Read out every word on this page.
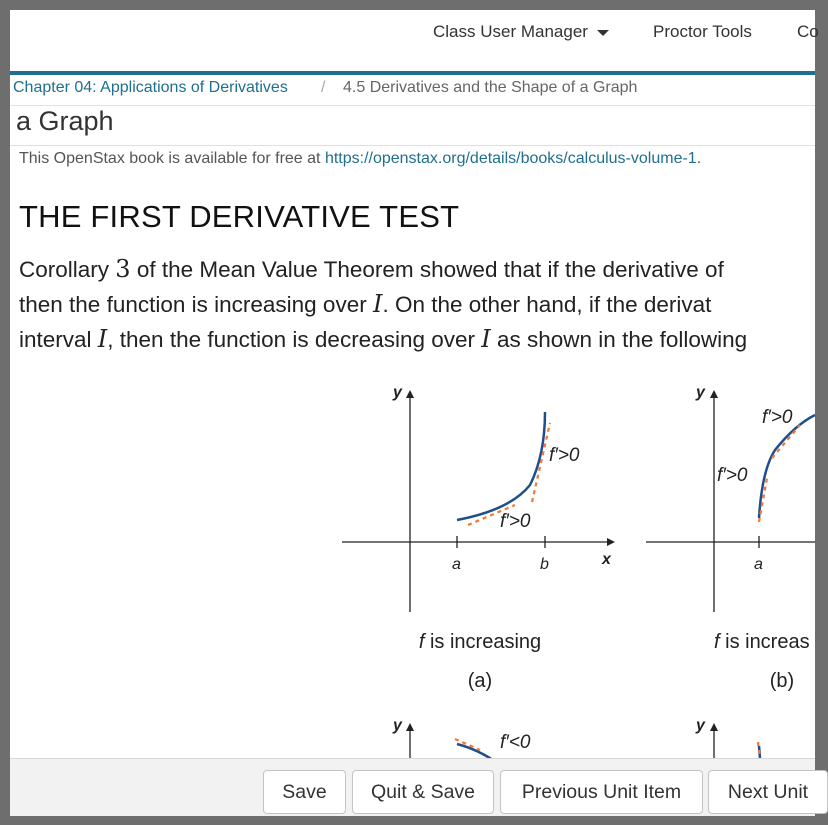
Class User Manager	Proctor Tools	Co
Chapter 04: Applications of Derivatives / 4.5 Derivatives and the Shape of a Graph
a Graph
This OpenStax book is available for free at https://openstax.org/details/books/calculus-volume-1.
THE FIRST DERIVATIVE TEST
Corollary 3 of the Mean Value Theorem showed that if the derivative of
then the function is increasing over I. On the other hand, if the derivat
interval I, then the function is decreasing over I as shown in the following
y
x
a	b
f′>0
f′>0
f is increasing
(a)
y
a
f′>0
f′>0
f is increas
(b)
y
f′<0
y
Save	Quit & Save	Previous Unit Item	Next Unit
